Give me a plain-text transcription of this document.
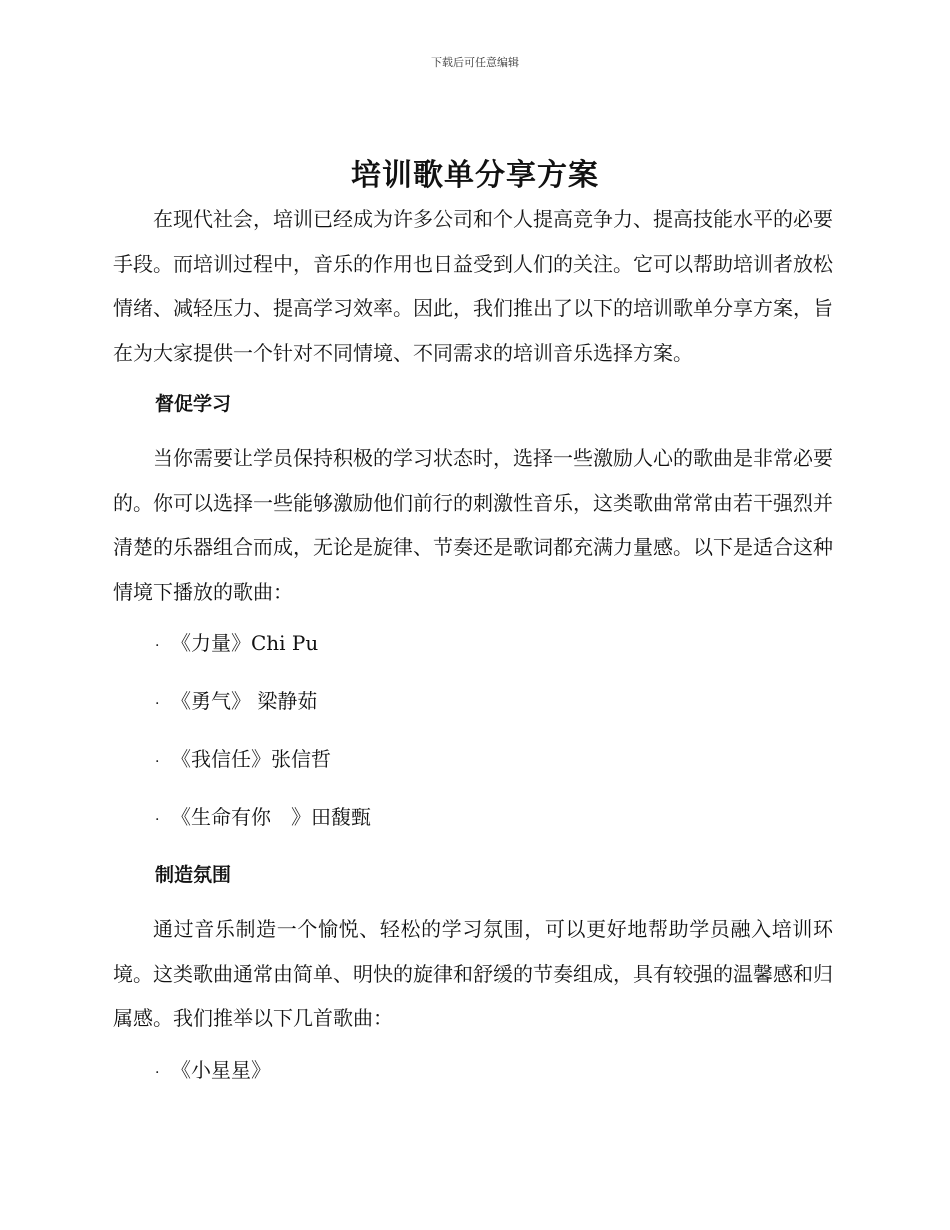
下载后可任意编辑
培训歌单分享方案

在现代社会，培训已经成为许多公司和个人提高竞争力、提高技能水平的必要手段。而培训过程中，音乐的作用也日益受到人们的关注。它可以帮助培训者放松情绪、减轻压力、提高学习效率。因此，我们推出了以下的培训歌单分享方案，旨在为大家提供一个针对不同情境、不同需求的培训音乐选择方案。

督促学习

当你需要让学员保持积极的学习状态时，选择一些激励人心的歌曲是非常必要的。你可以选择一些能够激励他们前行的刺激性音乐，这类歌曲常常由若干强烈并清楚的乐器组合而成，无论是旋律、节奏还是歌词都充满力量感。以下是适合这种情境下播放的歌曲：

· 《力量》Chi Pu

· 《勇气》 梁静茹

· 《我信任》张信哲

· 《生命有你　》田馥甄

制造氛围

通过音乐制造一个愉悦、轻松的学习氛围，可以更好地帮助学员融入培训环境。这类歌曲通常由简单、明快的旋律和舒缓的节奏组成，具有较强的温馨感和归属感。我们推举以下几首歌曲：

· 《小星星》
